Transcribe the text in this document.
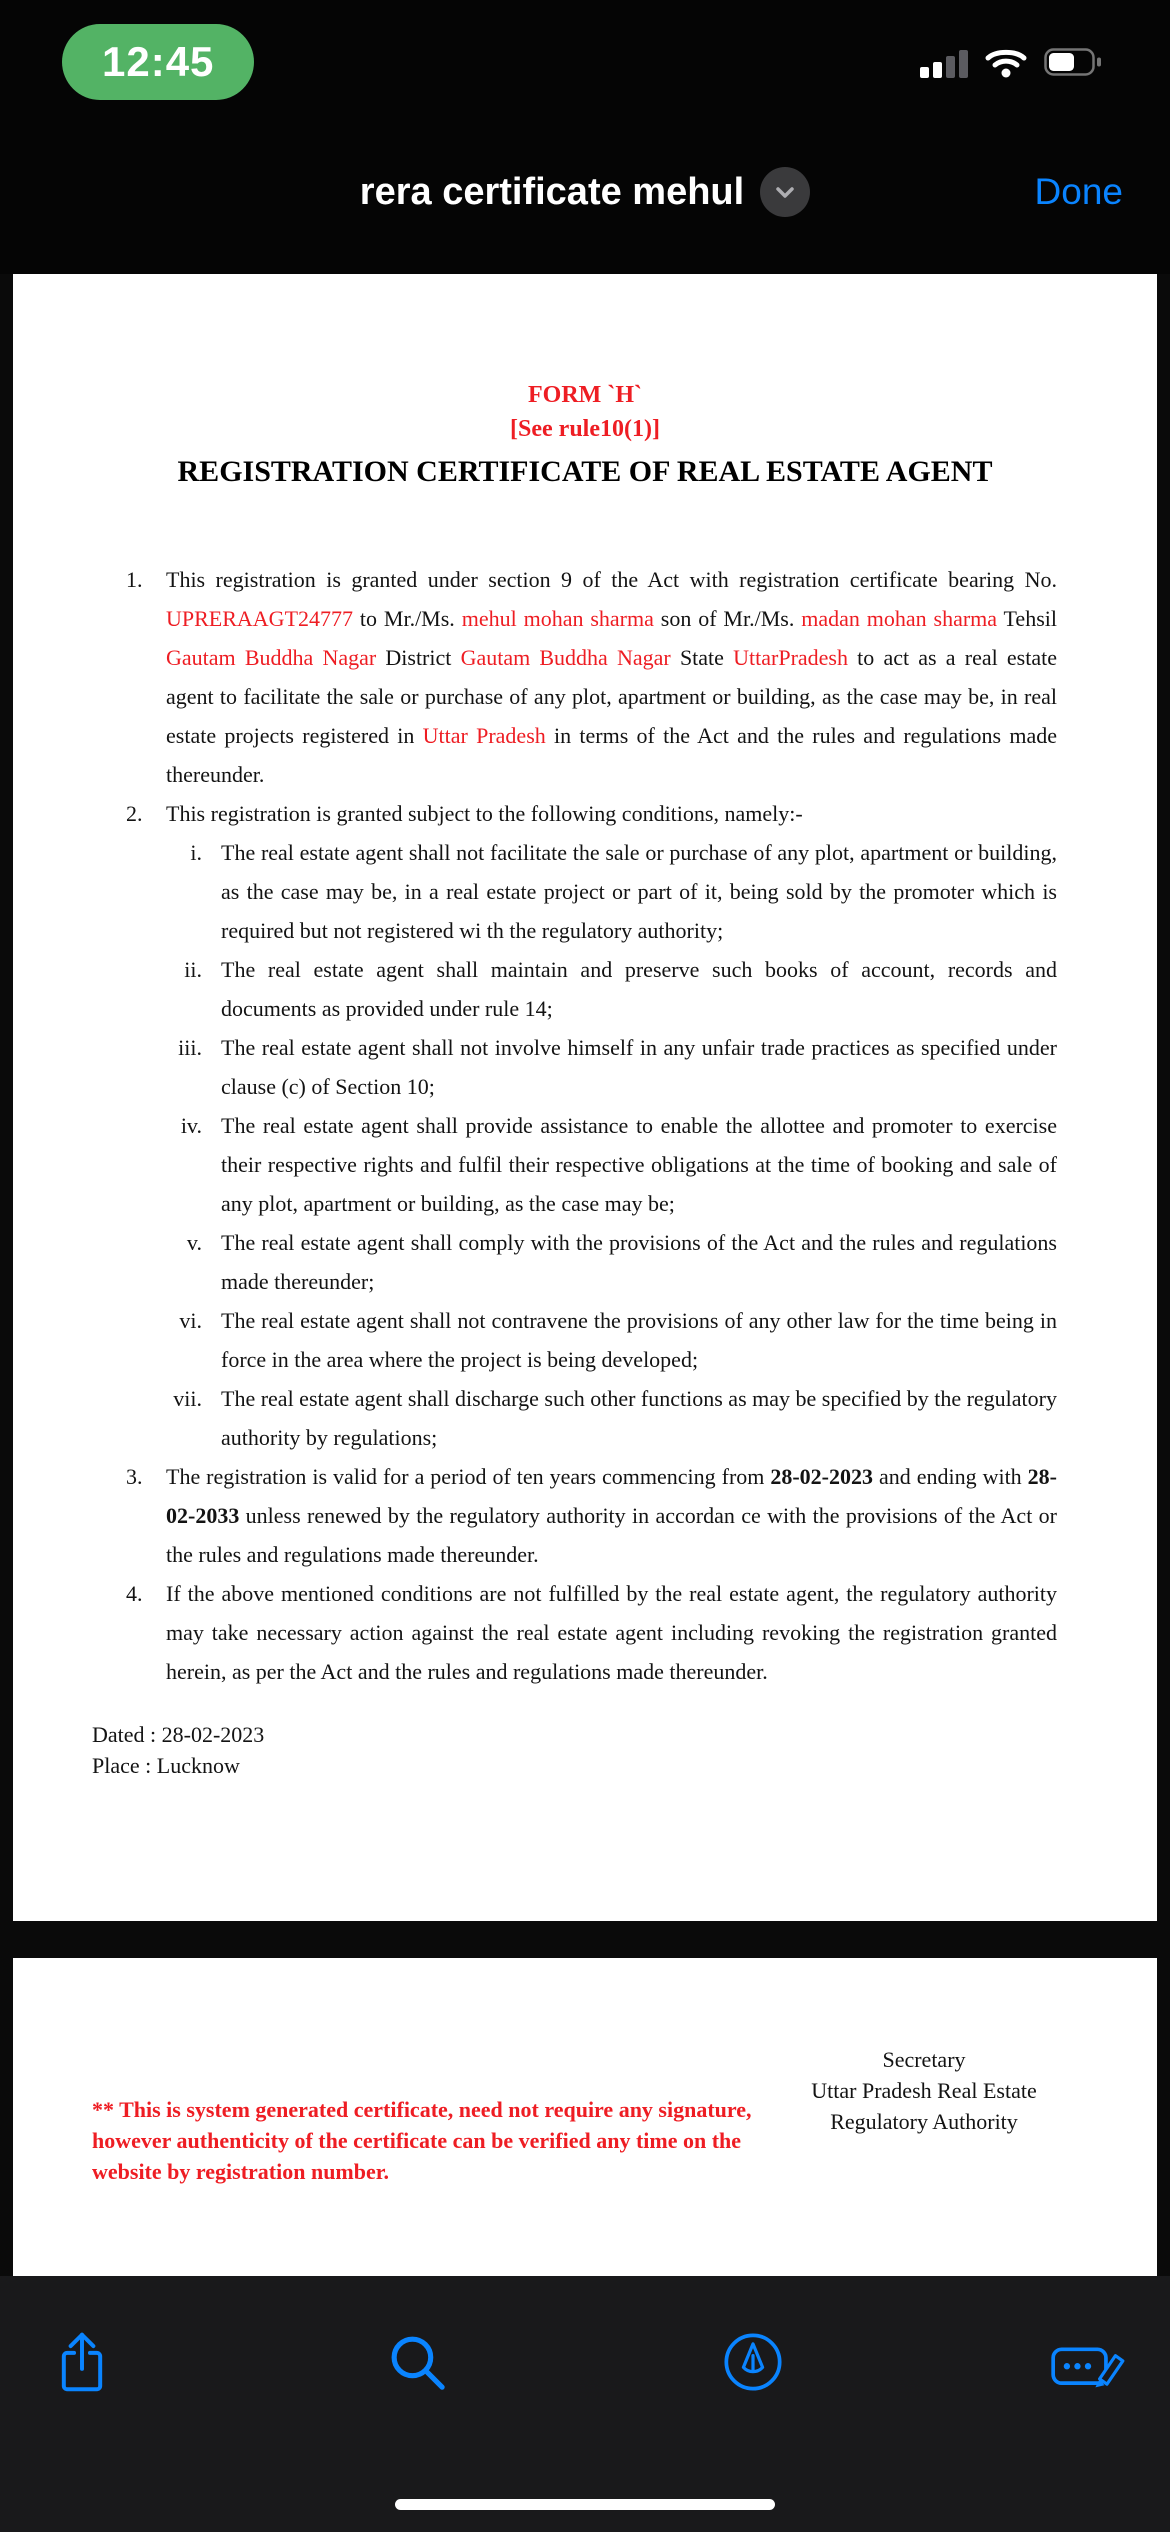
12:45
rera certificate mehul	Done
FORM `H`
[See rule10(1)]
REGISTRATION CERTIFICATE OF REAL ESTATE AGENT
1.	This registration is granted under section 9 of the Act with registration certificate bearing No. UPRERAAGT24777 to Mr./Ms. mehul mohan sharma son of Mr./Ms. madan mohan sharma Tehsil Gautam Buddha Nagar District Gautam Buddha Nagar State UttarPradesh to act as a real estate agent to facilitate the sale or purchase of any plot, apartment or building, as the case may be, in real estate projects registered in Uttar Pradesh in terms of the Act and the rules and regulations made thereunder.
2.	This registration is granted subject to the following conditions, namely:-
i. The real estate agent shall not facilitate the sale or purchase of any plot, apartment or building, as the case may be, in a real estate project or part of it, being sold by the promoter which is required but not registered wi th the regulatory authority;
ii. The real estate agent shall maintain and preserve such books of account, records and documents as provided under rule 14;
iii. The real estate agent shall not involve himself in any unfair trade practices as specified under clause (c) of Section 10;
iv. The real estate agent shall provide assistance to enable the allottee and promoter to exercise their respective rights and fulfil their respective obligations at the time of booking and sale of any plot, apartment or building, as the case may be;
v. The real estate agent shall comply with the provisions of the Act and the rules and regulations made thereunder;
vi. The real estate agent shall not contravene the provisions of any other law for the time being in force in the area where the project is being developed;
vii. The real estate agent shall discharge such other functions as may be specified by the regulatory authority by regulations;
3.	The registration is valid for a period of ten years commencing from 28-02-2023 and ending with 28-02-2033 unless renewed by the regulatory authority in accordan ce with the provisions of the Act or the rules and regulations made thereunder.
4.	If the above mentioned conditions are not fulfilled by the real estate agent, the regulatory authority may take necessary action against the real estate agent including revoking the registration granted herein, as per the Act and the rules and regulations made thereunder.
Dated : 28-02-2023
Place : Lucknow
Secretary
Uttar Pradesh Real Estate
Regulatory Authority
** This is system generated certificate, need not require any signature, however authenticity of the certificate can be verified any time on the website by registration number.
